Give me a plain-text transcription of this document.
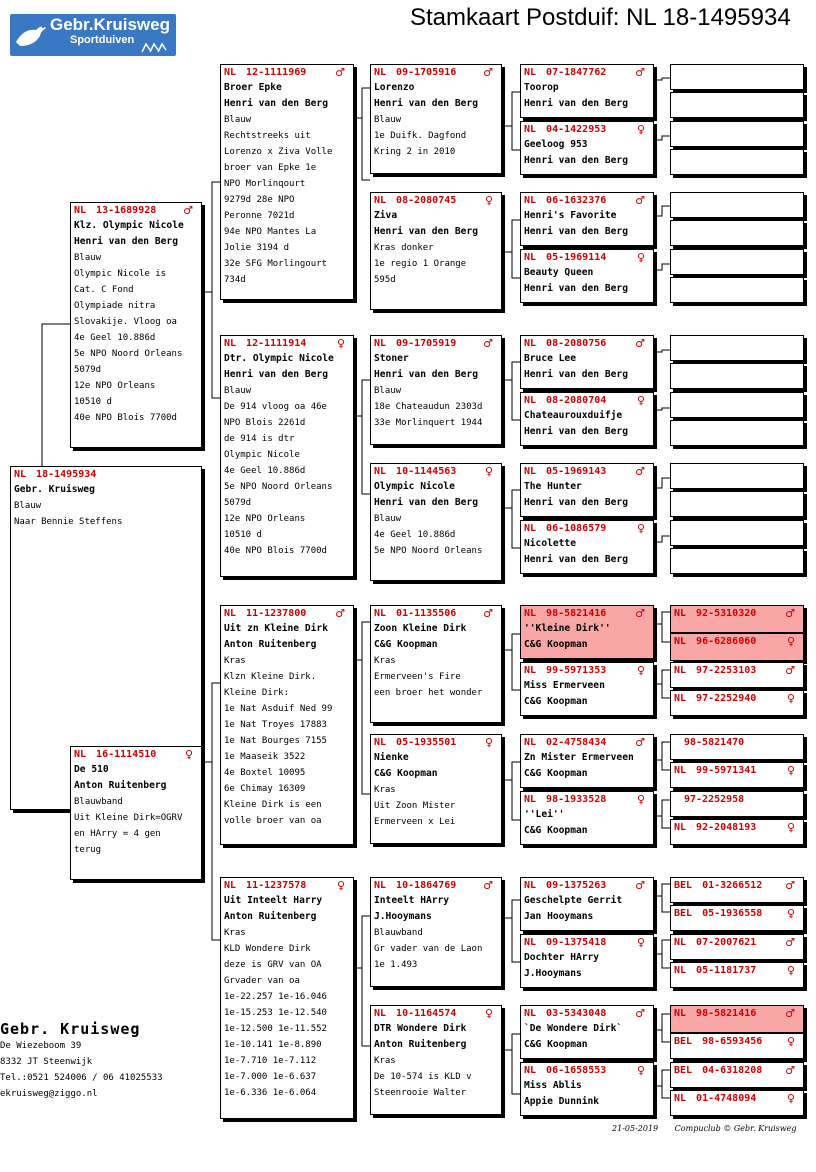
Gebr.Kruisweg
Sportduiven
Stamkaart Postduif: NL 18-1495934
NL 18-1495934
Gebr. Kruisweg
Blauw
Naar Bennie Steffens
NL 13-1689928 ♂
Klz. Olympic Nicole
Henri van den Berg
Blauw
Olympic Nicole is
Cat. C Fond
Olympiade nitra
Slovakije. Vloog oa
4e Geel 10.886d
5e NPO Noord Orleans
5079d
12e NPO Orleans
10510 d
40e NPO Blois 7700d
NL 16-1114510	♀
De 510
Anton Ruitenberg
Blauwband
Uit Kleine Dirk=OGRV
en HArry = 4 gen
terug
NL 12-1111969	♂
Broer Epke
Henri van den Berg
Blauw
Rechtstreeks uit
Lorenzo x Ziva Volle
broer van Epke 1e
NPO Morlinqourt
9279d 28e NPO
Peronne 7021d
94e NPO Mantes La
Jolie 3194 d
32e SFG Morlingourt
734d
NL 12-1111914	♀
Dtr. Olympic Nicole
Henri van den Berg
Blauw
De 914 vloog oa 46e
NPO Blois 2261d
de 914 is dtr
Olympic Nicole
4e Geel 10.886d
5e NPO Noord Orleans
5079d
12e NPO Orleans
10510 d
40e NPO Blois 7700d
NL 11-1237800	♂
Uit zn Kleine Dirk
Anton Ruitenberg
Kras
Klzn Kleine Dirk.
Kleine Dirk:
1e Nat Asduif Ned 99
1e Nat Troyes 17883
1e Nat Bourges 7155
1e Maaseik 3522
4e Boxtel 10095
6e Chimay 16309
Kleine Dirk is een
volle broer van oa
NL 11-1237578	♀
Uit Inteelt Harry
Anton Ruitenberg
Kras
KLD Wondere Dirk
deze is GRV van OA
Grvader van oa
1e-22.257 1e-16.046
1e-15.253 1e-12.540
1e-12.500 1e-11.552
1e-10.141 1e-8.890
1e-7.710 1e-7.112
1e-7.000 1e-6.637
1e-6.336 1e-6.064
NL 09-1705916 ♂
Lorenzo
Henri van den Berg
Blauw
1e Duifk. Dagfond
Kring 2 in 2010
NL 08-2080745	♀
Ziva
Henri van den Berg
Kras donker
1e regio 1 Orange
595d
NL 09-1705919 ♂
Stoner
Henri van den Berg
Blauw
18e Chateaudun 2303d
33e Morlinquert 1944
NL 10-1144563	♀
Olympic Nicole
Henri van den Berg
Blauw
4e Geel 10.886d
5e NPO Noord Orleans
NL 01-1135506 ♂
Zoon Kleine Dirk
C&G Koopman
Kras
Ermerveen's Fire
een broer het wonder
NL 05-1935501	♀
Nienke
C&G Koopman
Kras
Uit Zoon Mister
Ermerveen x Lei
NL 10-1864769 ♂
Inteelt HArry
J.Hooymans
Blauwband
Gr vader van de Laon
1e 1.493
NL 10-1164574	♀
DTR Wondere Dirk
Anton Ruitenberg
Kras
De 10-574 is KLD v
Steenrooie Walter
NL 07-1847762	♂
Toorop
Henri van den Berg
NL 04-1422953	♀
Geeloog 953
Henri van den Berg
NL 06-1632376	♂
Henri's Favorite
Henri van den Berg
NL 05-1969114	♀
Beauty Queen
Henri van den Berg
NL 08-2080756	♂
Bruce Lee
Henri van den Berg
NL 08-2080704	♀
Chateaurouxduifje
Henri van den Berg
NL 05-1969143	♂
The Hunter
Henri van den Berg
NL 06-1086579	♀
Nicolette
Henri van den Berg
NL 98-5821416	♂
''Kleine Dirk''
C&G Koopman
NL 99-5971353	♀
Miss Ermerveen
C&G Koopman
NL 02-4758434	♂
Zn Mister Ermerveen
C&G Koopman
NL 98-1933528	♀
''Lei''
C&G Koopman
NL 09-1375263	♂
Geschelpte Gerrit
Jan Hooymans
NL 09-1375418	♀
Dochter HArry
J.Hooymans
NL 03-5343048	♂
`De Wondere Dirk`
C&G Koopman
NL 06-1658553	♀
Miss Ablis
Appie Dunnink
NL 92-5310320	♂
NL 96-6286060	♀
NL 97-2253103	♂
NL 97-2252940	♀
98-5821470
NL 99-5971341	♀
97-2252958
NL 92-2048193	♀
BEL 01-3266512 ♂
BEL 05-1936558 ♀
NL 07-2007621	♂
NL 05-1181737	♀
NL 98-5821416	♂
BEL 98-6593456 ♀
BEL 04-6318208 ♂
NL 01-4748094	♀
Gebr. Kruisweg
De Wiezeboom 39
8332 JT Steenwijk
Tel.:0521 524006 / 06 41025533
ekruisweg@ziggo.nl
21-05-2019 Compuclub © Gebr. Kruisweg
